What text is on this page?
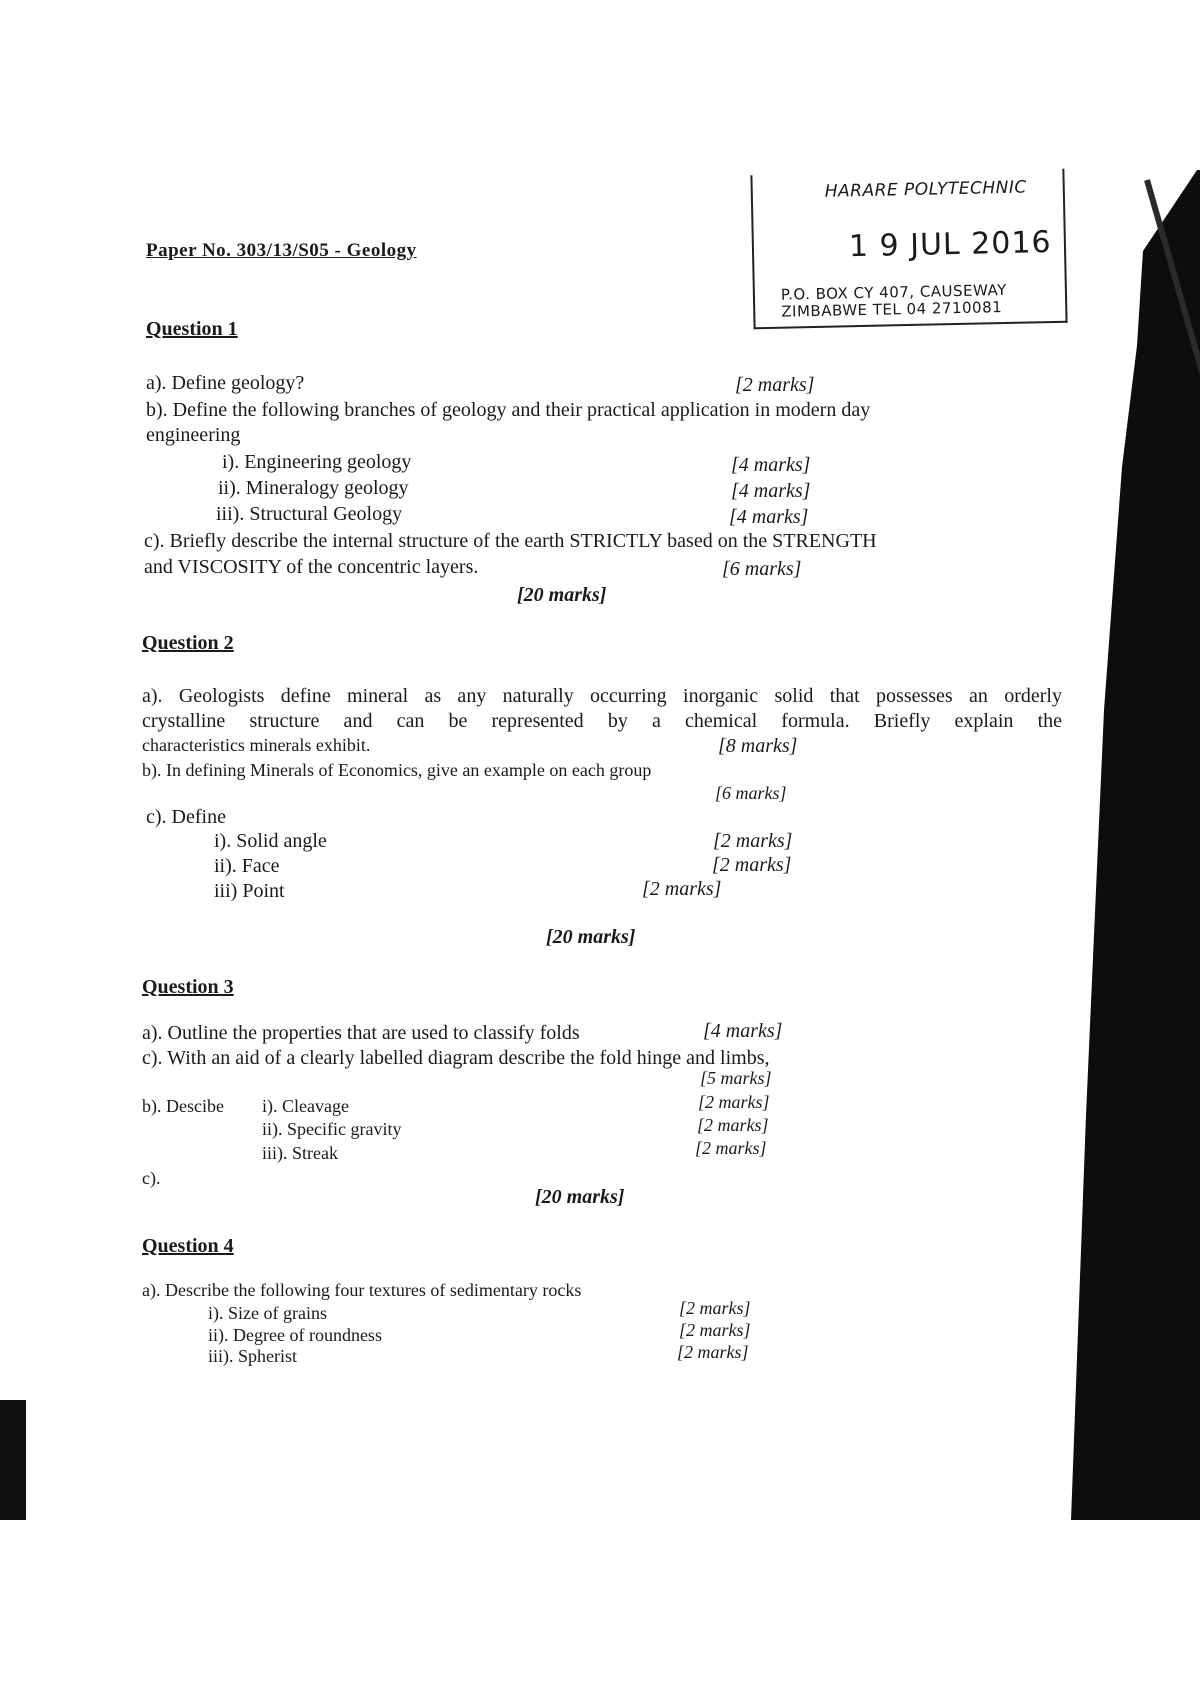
HARARE POLYTECHNIC
1 9 JUL 2016
P.O. BOX CY 407, CAUSEWAY
ZIMBABWE TEL 04 2710081
Paper No. 303/13/S05 - Geology
Question 1
a). Define geology?	[2 marks]
b). Define the following branches of geology and their practical application in modern day
engineering
i). Engineering geology	[4 marks]
ii). Mineralogy geology	[4 marks]
iii). Structural Geology	[4 marks]
c). Briefly describe the internal structure of the earth STRICTLY based on the STRENGTH
and VISCOSITY of the concentric layers.	[6 marks]
[20 marks]
Question 2
a). Geologists define mineral as any naturally occurring inorganic solid that possesses an orderly
crystalline structure and can be represented by a chemical formula. Briefly explain the
characteristics minerals exhibit.	[8 marks]
b). In defining Minerals of Economics, give an example on each group
[6 marks]
c). Define
i). Solid angle	[2 marks]
ii). Face	[2 marks]
iii) Point	[2 marks]
[20 marks]
Question 3
a). Outline the properties that are used to classify folds	[4 marks]
c). With an aid of a clearly labelled diagram describe the fold hinge and limbs,
[5 marks]
b). Descibe i). Cleavage	[2 marks]
ii). Specific gravity	[2 marks]
iii). Streak	[2 marks]
c).
[20 marks]
Question 4
a). Describe the following four textures of sedimentary rocks
i). Size of grains	[2 marks]
ii). Degree of roundness	[2 marks]
iii). Spherist	[2 marks]
